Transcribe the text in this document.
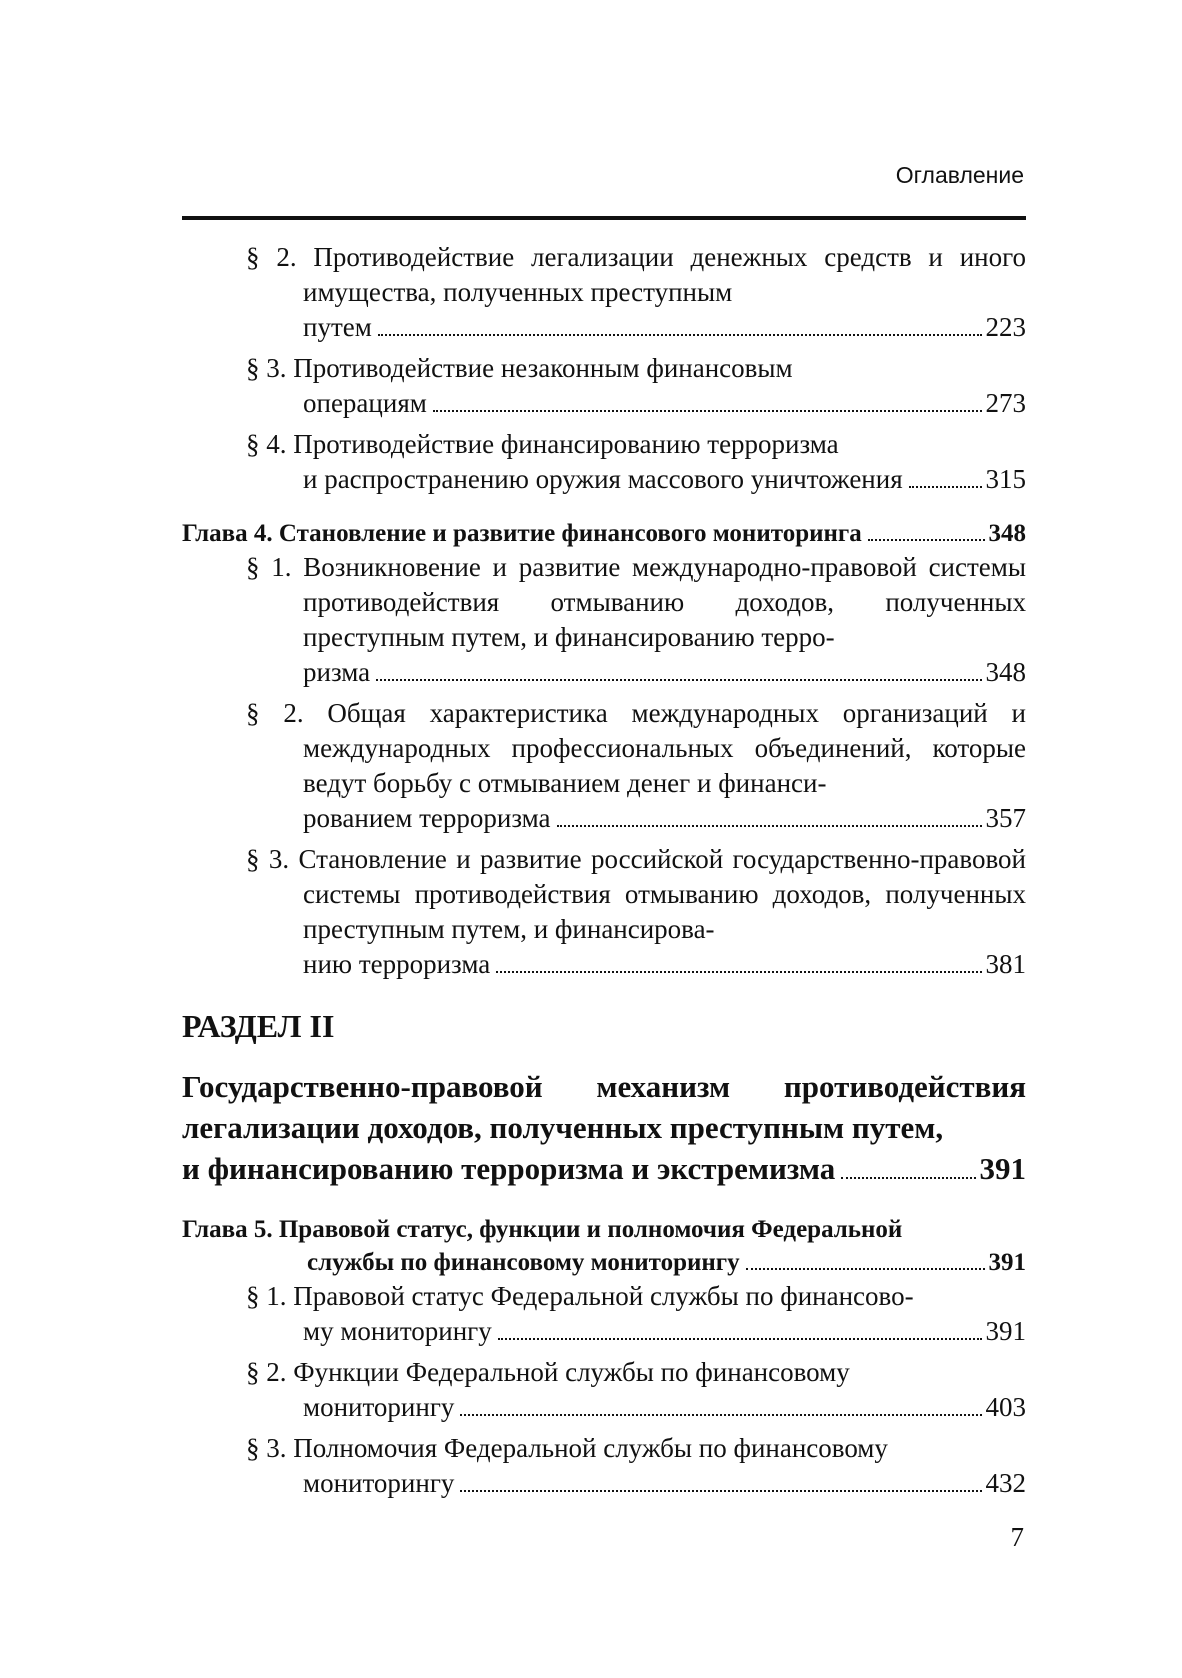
Оглавление
§ 2. Противодействие легализации денежных средств и иного имущества, полученных преступным
путем	223
§ 3. Противодействие незаконным финансовым
операциям	273
§ 4. Противодействие финансированию терроризма
и распространению оружия массового уничтожения	315
Глава 4. Становление и развитие финансового мониторинга	348
§ 1. Возникновение и развитие международно-правовой системы противодействия отмыванию доходов, полученных преступным путем, и финансированию терро-
ризма	348
§ 2. Общая характеристика международных организаций и международных профессиональных объединений, которые ведут борьбу с отмыванием денег и финанси-
рованием терроризма	357
§ 3. Становление и развитие российской государственно-правовой системы противодействия отмыванию доходов, полученных преступным путем, и финансирова-
нию терроризма	381
РАЗДЕЛ II
Государственно-правовой механизм противодействия легализации доходов, полученных преступным путем,
и финансированию терроризма и экстремизма	391
Глава 5. Правовой статус, функции и полномочия Федеральной
службы по финансовому мониторингу	391
§ 1. Правовой статус Федеральной службы по финансово-
му мониторингу	391
§ 2. Функции Федеральной службы по финансовому
мониторингу	403
§ 3. Полномочия Федеральной службы по финансовому
мониторингу	432
7
